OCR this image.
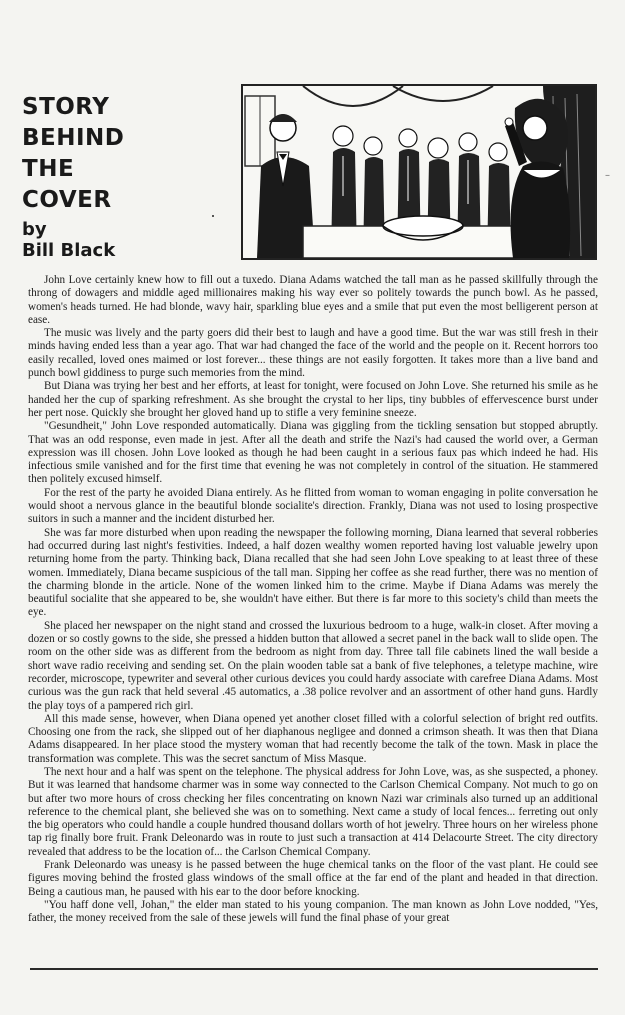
STORY
BEHIND
THE
COVER
by
Bill Black
–

John Love certainly knew how to fill out a tuxedo. Diana Adams watched the tall man as he passed skillfully through the throng of dowagers and middle aged millionaires making his way ever so politely towards the punch bowl. As he passed, women's heads turned. He had blonde, wavy hair, sparkling blue eyes and a smile that put even the most belligerent person at ease.

The music was lively and the party goers did their best to laugh and have a good time. But the war was still fresh in their minds having ended less than a year ago. That war had changed the face of the world and the people on it. Recent horrors too easily recalled, loved ones maimed or lost forever... these things are not easily forgotten. It takes more than a live band and punch bowl giddiness to purge such memories from the mind.

But Diana was trying her best and her efforts, at least for tonight, were focused on John Love. She returned his smile as he handed her the cup of sparking refreshment. As she brought the crystal to her lips, tiny bubbles of effervescence burst under her pert nose. Quickly she brought her gloved hand up to stifle a very feminine sneeze.

"Gesundheit," John Love responded automatically. Diana was giggling from the tickling sensation but stopped abruptly. That was an odd response, even made in jest. After all the death and strife the Nazi's had caused the world over, a German expression was ill chosen. John Love looked as though he had been caught in a serious faux pas which indeed he had. His infectious smile vanished and for the first time that evening he was not completely in control of the situation. He stammered then politely excused himself.

For the rest of the party he avoided Diana entirely. As he flitted from woman to woman engaging in polite conversation he would shoot a nervous glance in the beautiful blonde socialite's direction. Frankly, Diana was not used to losing prospective suitors in such a manner and the incident disturbed her.

She was far more disturbed when upon reading the newspaper the following morning, Diana learned that several robberies had occurred during last night's festivities. Indeed, a half dozen wealthy women reported having lost valuable jewelry upon returning home from the party. Thinking back, Diana recalled that she had seen John Love speaking to at least three of these women. Immediately, Diana became suspicious of the tall man. Sipping her coffee as she read further, there was no mention of the charming blonde in the article. None of the women linked him to the crime. Maybe if Diana Adams was merely the beautiful socialite that she appeared to be, she wouldn't have either. But there is far more to this society's child than meets the eye.

She placed her newspaper on the night stand and crossed the luxurious bedroom to a huge, walk-in closet. After moving a dozen or so costly gowns to the side, she pressed a hidden button that allowed a secret panel in the back wall to slide open. The room on the other side was as different from the bedroom as night from day. Three tall file cabinets lined the wall beside a short wave radio receiving and sending set. On the plain wooden table sat a bank of five telephones, a teletype machine, wire recorder, microscope, typewriter and several other curious devices you could hardy associate with carefree Diana Adams. Most curious was the gun rack that held several .45 automatics, a .38 police revolver and an assortment of other hand guns. Hardly the play toys of a pampered rich girl.

All this made sense, however, when Diana opened yet another closet filled with a colorful selection of bright red outfits. Choosing one from the rack, she slipped out of her diaphanous negligee and donned a crimson sheath. It was then that Diana Adams disappeared. In her place stood the mystery woman that had recently become the talk of the town. Mask in place the transformation was complete. This was the secret sanctum of Miss Masque.

The next hour and a half was spent on the telephone. The physical address for John Love, was, as she suspected, a phoney. But it was learned that handsome charmer was in some way connected to the Carlson Chemical Company. Not much to go on but after two more hours of cross checking her files concentrating on known Nazi war criminals also turned up an additional reference to the chemical plant, she believed she was on to something. Next came a study of local fences... ferreting out only the big operators who could handle a couple hundred thousand dollars worth of hot jewelry. Three hours on her wireless phone tap rig finally bore fruit. Frank Deleonardo was in route to just such a transaction at 414 Delacourte Street. The city directory revealed that address to be the location of... the Carlson Chemical Company.

Frank Deleonardo was uneasy is he passed between the huge chemical tanks on the floor of the vast plant. He could see figures moving behind the frosted glass windows of the small office at the far end of the plant and headed in that direction. Being a cautious man, he paused with his ear to the door before knocking.

"You haff done vell, Johan," the elder man stated to his young companion. The man known as John Love nodded, "Yes, father, the money received from the sale of these jewels will fund the final phase of your great
